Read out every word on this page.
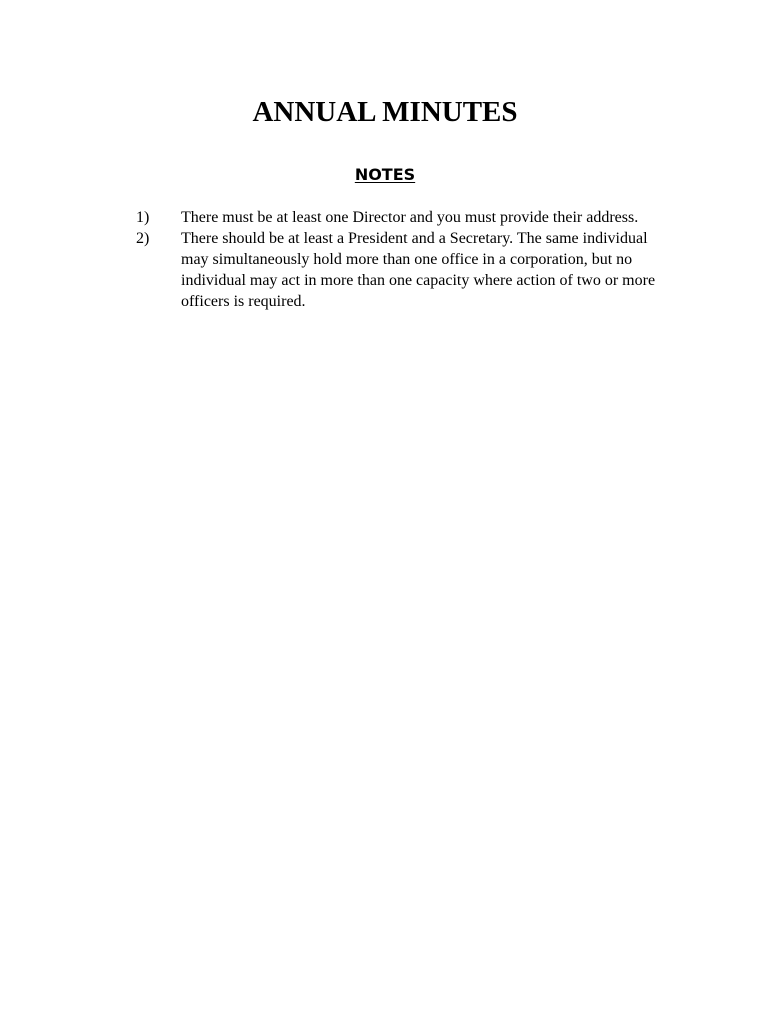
ANNUAL MINUTES
NOTES
1)	There must be at least one Director and you must provide their address.
2)	There should be at least a President and a Secretary. The same individual may simultaneously hold more than one office in a corporation, but no individual may act in more than one capacity where action of two or more officers is required.
